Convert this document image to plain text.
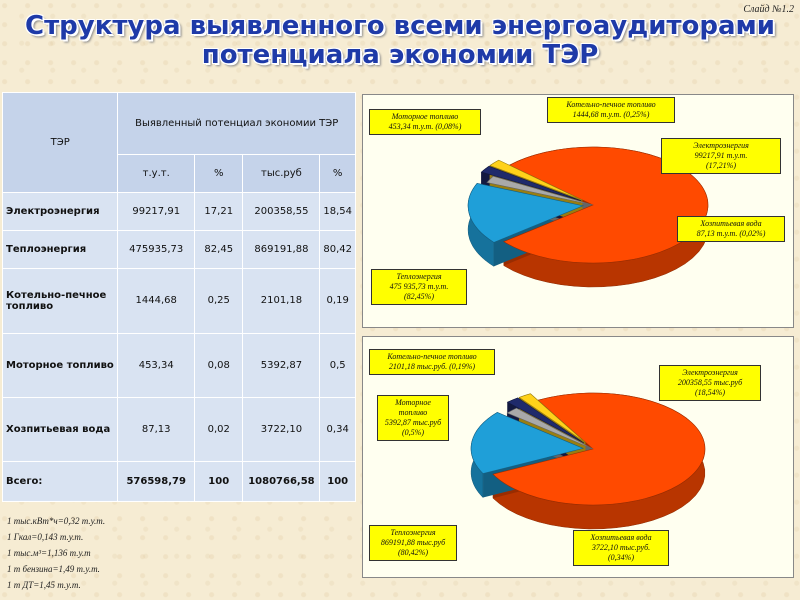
Слайд №1.2
Структура выявленного всеми энергоаудиторами
потенциала экономии ТЭР
ТЭР	Выявленный потенциал экономии ТЭР			
	т.у.т.	%	тыс.руб	%
Электроэнергия	99217,91	17,21	200358,55	18,54
Теплоэнергия	475935,73	82,45	869191,88	80,42
Котельно-печное топливо	1444,68	0,25	2101,18	0,19
Моторное топливо	453,34	0,08	5392,87	0,5
Хозпитьевая вода	87,13	0,02	3722,10	0,34
Всего:	576598,79	100	1080766,58	100
1 тыс.кВт*ч=0,32 т.у.т.
1 Гкал=0,143 т.у.т.
1 тыс.м³=1,136 т.у.т
1 т бензина=1,49 т.у.т.
1 т ДТ=1,45 т.у.т.
Моторное топливо
453,34 т.у.т. (0,08%)
Котельно-печное топливо
1444,68 т.у.т. (0,25%)
Электроэнергия
99217,91 т.у.т.
(17,21%)
Хозпитьевая вода
87,13 т.у.т. (0,02%)
Теплоэнергия
475 935,73 т.у.т.
(82,45%)
Котельно-печное топливо
2101,18 тыс.руб. (0,19%)
Моторное топливо
5392,87 тыс.руб
(0,5%)
Электроэнергия
200358,55 тыс.руб
(18,54%)
Теплоэнергия
869191,88 тыс.руб
(80,42%)
Хозпитьевая вода
3722,10 тыс.руб.
(0,34%)
